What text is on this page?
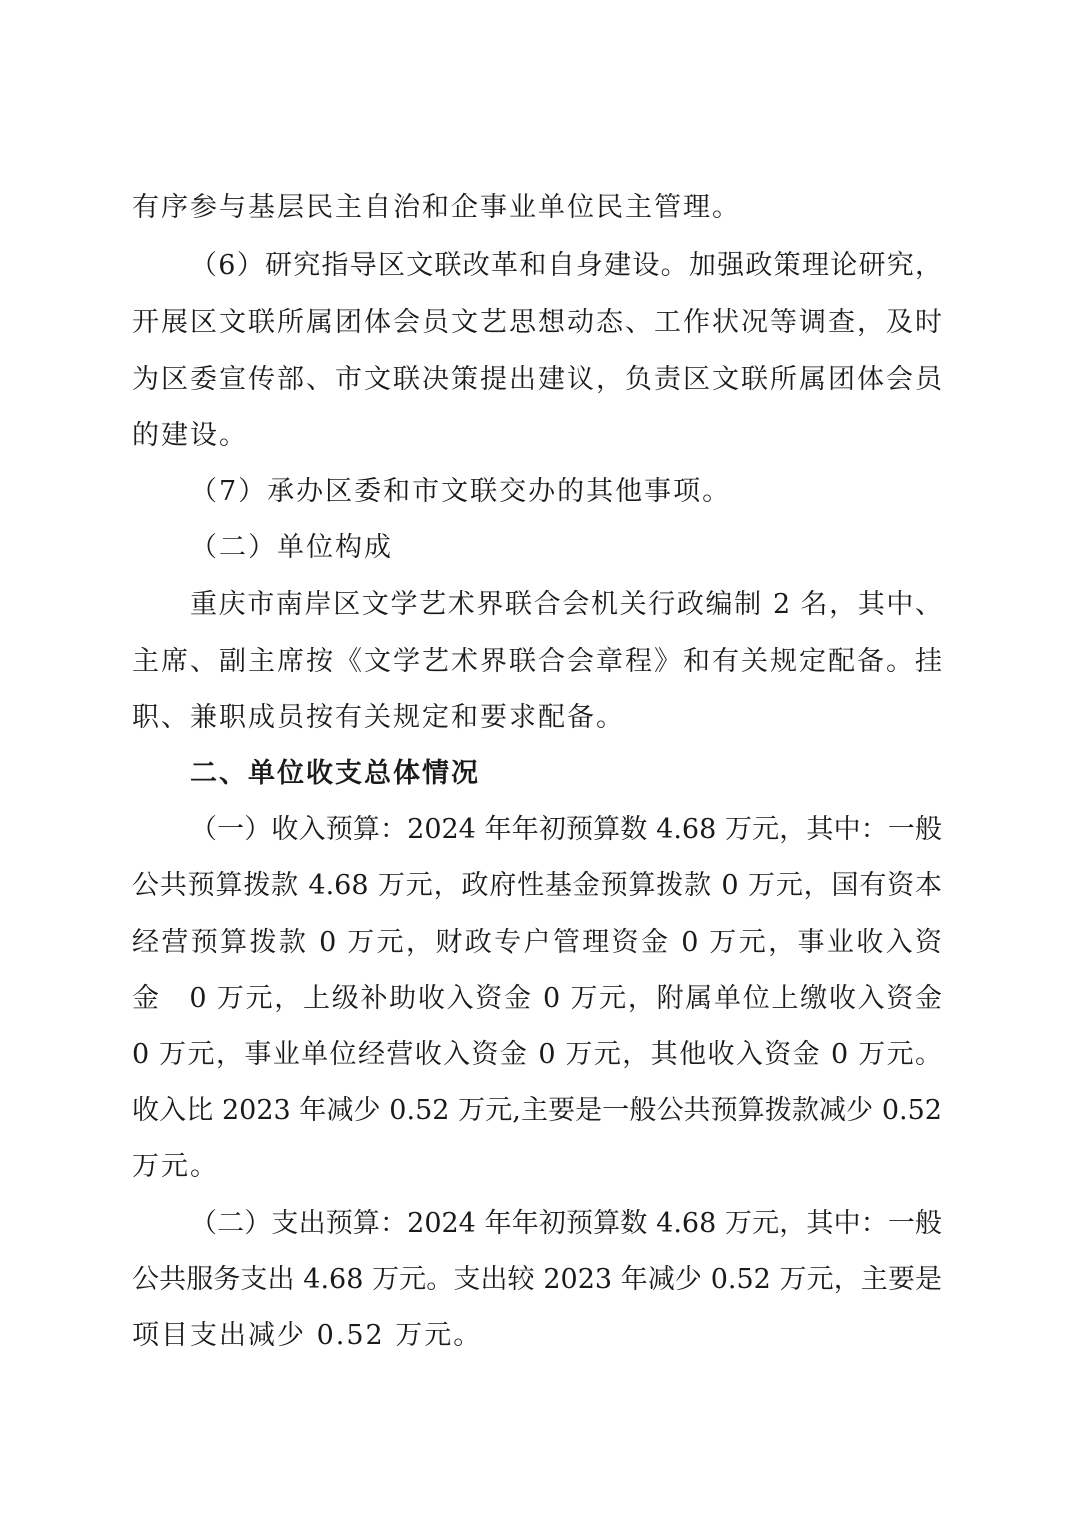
有序参与基层民主自治和企事业单位民主管理。
（6）研究指导区文联改革和自身建设。加强政策理论研究，
开展区文联所属团体会员文艺思想动态、工作状况等调查，及时
为区委宣传部、市文联决策提出建议，负责区文联所属团体会员
的建设。
（7）承办区委和市文联交办的其他事项。
（二）单位构成
重庆市南岸区文学艺术界联合会机关行政编制 2 名，其中、
主席、副主席按《文学艺术界联合会章程》和有关规定配备。挂
职、兼职成员按有关规定和要求配备。
二、单位收支总体情况
（一）收入预算：2024 年年初预算数 4.68 万元，其中：一般
公共预算拨款 4.68 万元，政府性基金预算拨款 0 万元，国有资本
经营预算拨款 0 万元，财政专户管理资金 0 万元，事业收入资
金　0 万元，上级补助收入资金 0 万元，附属单位上缴收入资金
0 万元，事业单位经营收入资金 0 万元，其他收入资金 0 万元。
收入比 2023 年减少 0.52 万元,主要是一般公共预算拨款减少 0.52
万元。
（二）支出预算：2024 年年初预算数 4.68 万元，其中：一般
公共服务支出 4.68 万元。支出较 2023 年减少 0.52 万元，主要是
项目支出减少 0.52 万元。
